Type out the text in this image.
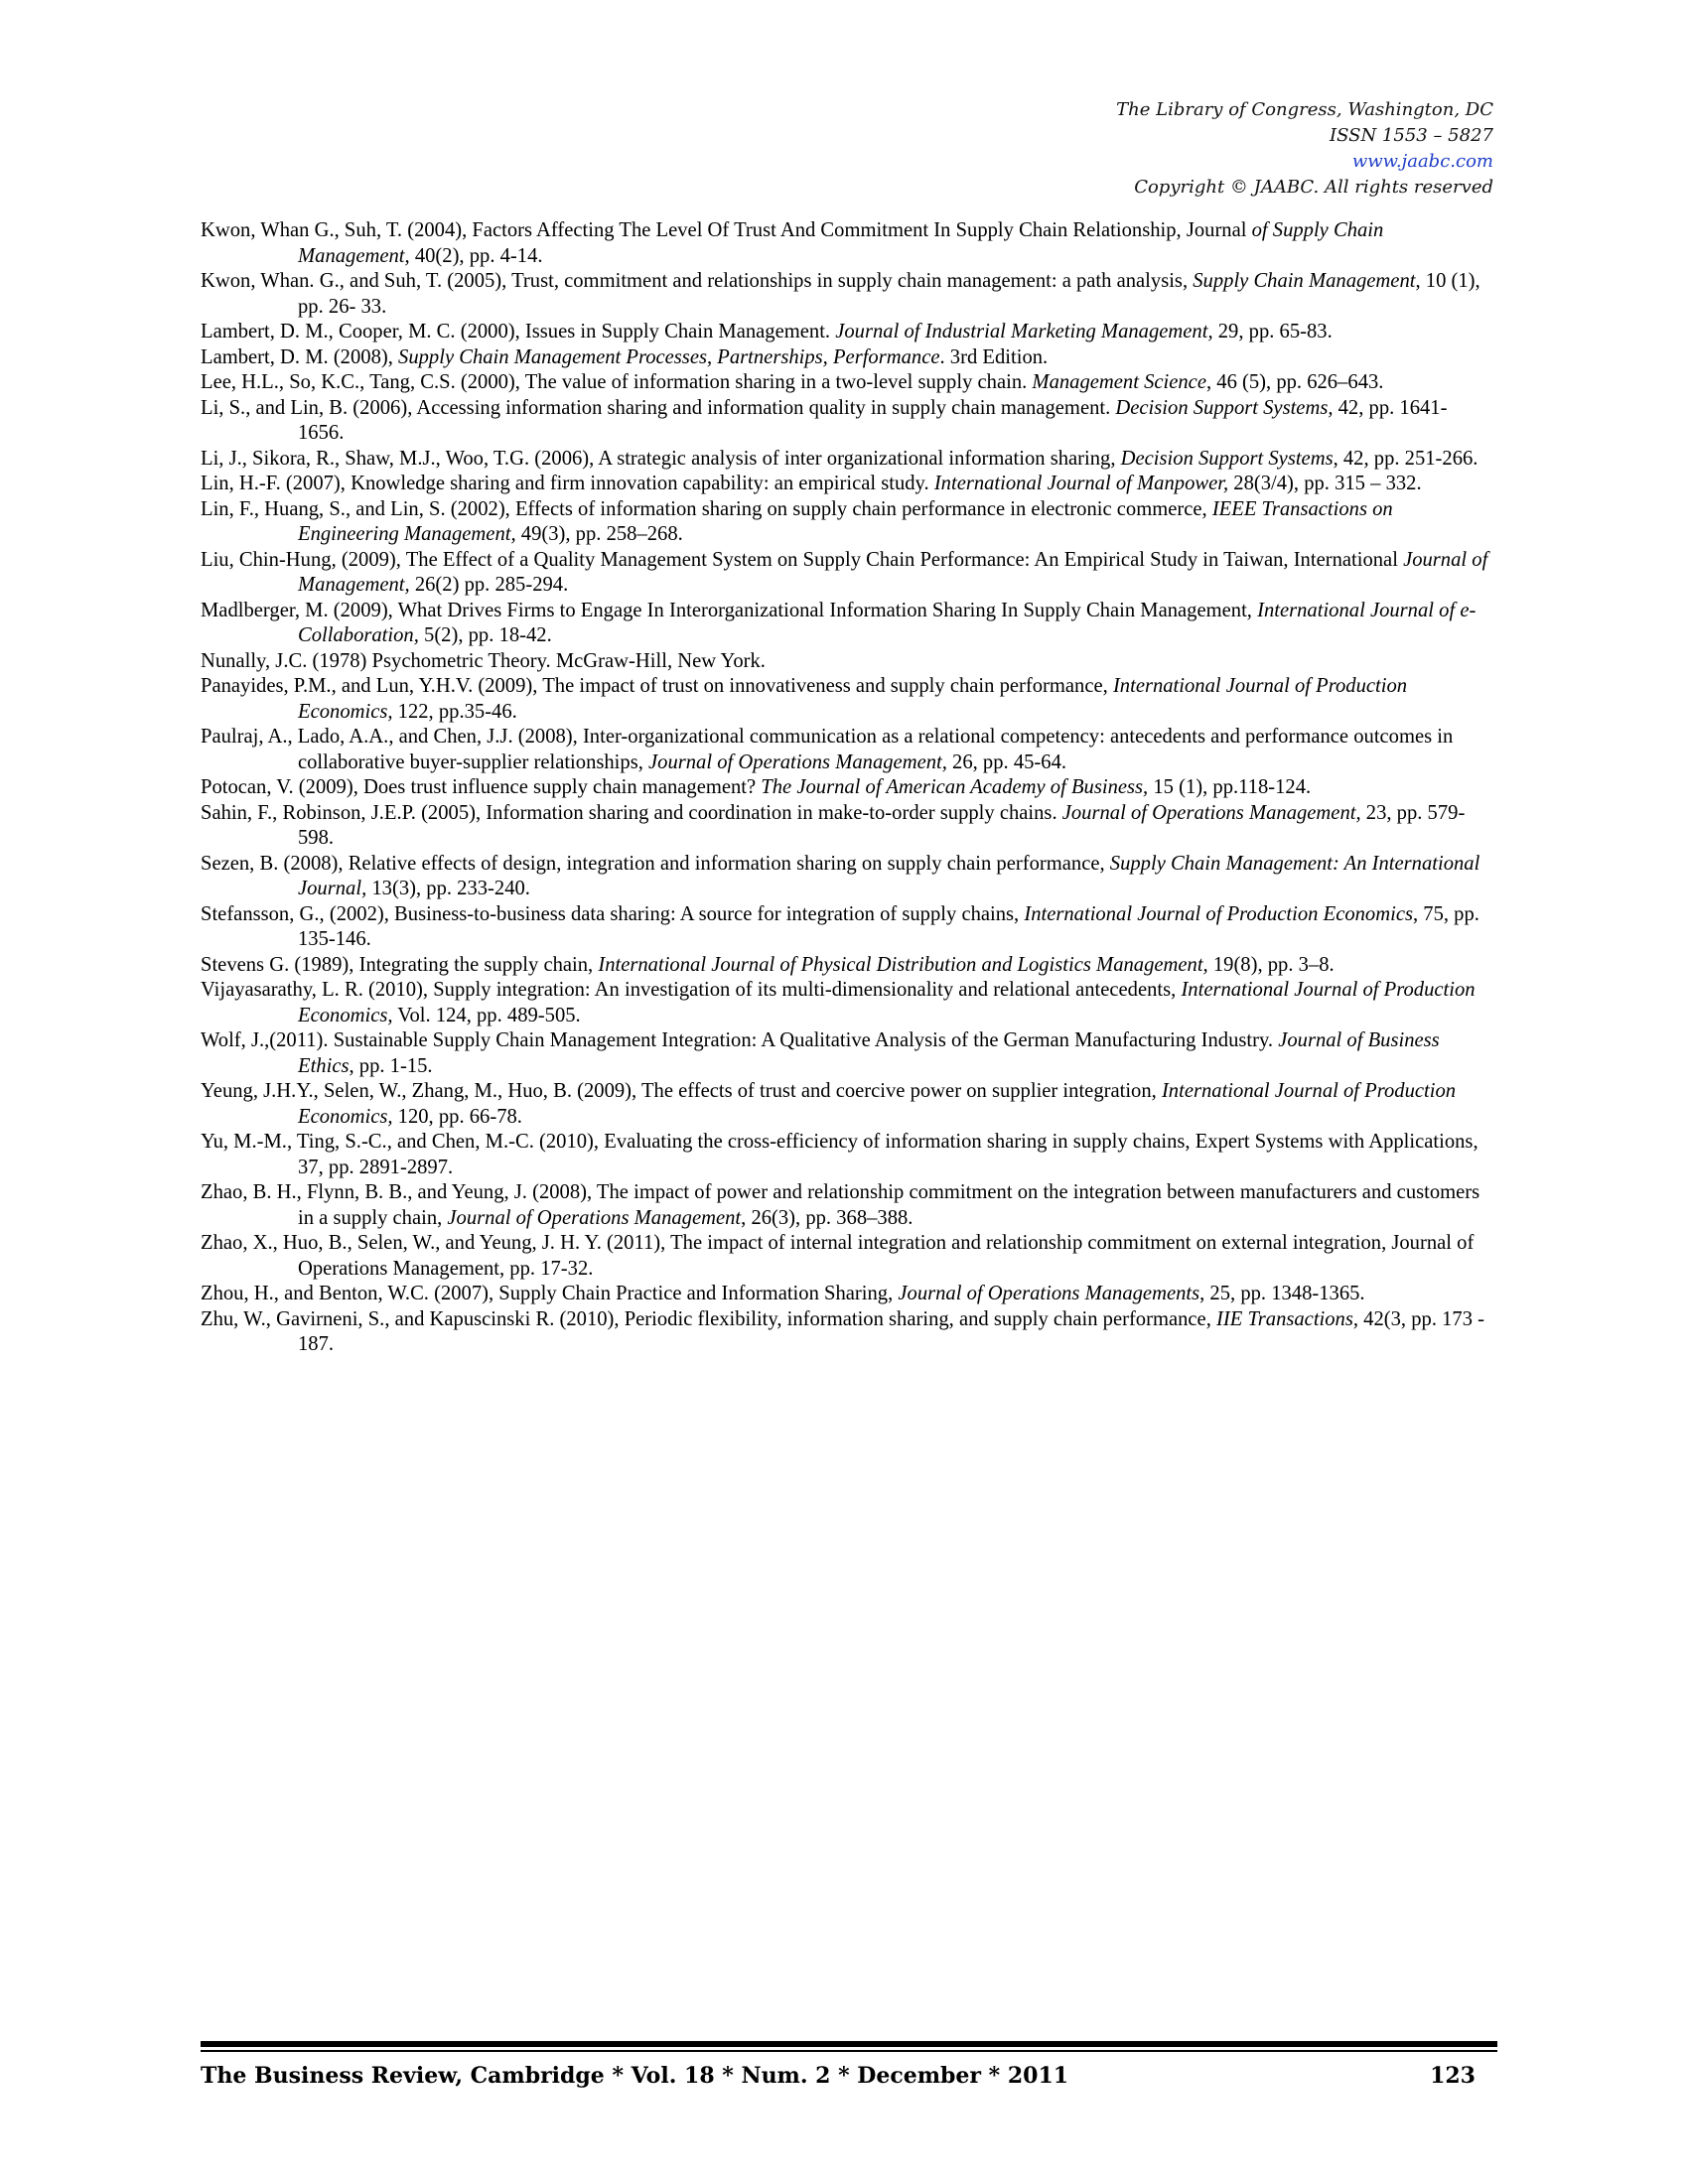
The Library of Congress, Washington, DC
ISSN 1553 – 5827
www.jaabc.com
Copyright © JAABC. All rights reserved

Kwon, Whan G., Suh, T. (2004), Factors Affecting The Level Of Trust And Commitment In Supply Chain Relationship, Journal of Supply Chain Management, 40(2), pp. 4-14.

Kwon, Whan. G., and Suh, T. (2005), Trust, commitment and relationships in supply chain management: a path analysis, Supply Chain Management, 10 (1), pp. 26- 33.

Lambert, D. M., Cooper, M. C. (2000), Issues in Supply Chain Management. Journal of Industrial Marketing Management, 29, pp. 65-83.

Lambert, D. M. (2008), Supply Chain Management Processes, Partnerships, Performance. 3rd Edition.

Lee, H.L., So, K.C., Tang, C.S. (2000), The value of information sharing in a two-level supply chain. Management Science, 46 (5), pp. 626–643.

Li, S., and Lin, B. (2006), Accessing information sharing and information quality in supply chain management. Decision Support Systems, 42, pp. 1641-1656.

Li, J., Sikora, R., Shaw, M.J., Woo, T.G. (2006), A strategic analysis of inter organizational information sharing, Decision Support Systems, 42, pp. 251-266.

Lin, H.-F. (2007), Knowledge sharing and firm innovation capability: an empirical study. International Journal of Manpower, 28(3/4), pp. 315 – 332.

Lin, F., Huang, S., and Lin, S. (2002), Effects of information sharing on supply chain performance in electronic commerce, IEEE Transactions on Engineering Management, 49(3), pp. 258–268.

Liu, Chin-Hung, (2009), The Effect of a Quality Management System on Supply Chain Performance: An Empirical Study in Taiwan, International Journal of Management, 26(2) pp. 285-294.

Madlberger, M. (2009), What Drives Firms to Engage In Interorganizational Information Sharing In Supply Chain Management, International Journal of e-Collaboration, 5(2), pp. 18-42.

Nunally, J.C. (1978) Psychometric Theory. McGraw-Hill, New York.

Panayides, P.M., and Lun, Y.H.V. (2009), The impact of trust on innovativeness and supply chain performance, International Journal of Production Economics, 122, pp.35-46.

Paulraj, A., Lado, A.A., and Chen, J.J. (2008), Inter-organizational communication as a relational competency: antecedents and performance outcomes in collaborative buyer-supplier relationships, Journal of Operations Management, 26, pp. 45-64.

Potocan, V. (2009), Does trust influence supply chain management? The Journal of American Academy of Business, 15 (1), pp.118-124.

Sahin, F., Robinson, J.E.P. (2005), Information sharing and coordination in make-to-order supply chains. Journal of Operations Management, 23, pp. 579-598.

Sezen, B. (2008), Relative effects of design, integration and information sharing on supply chain performance, Supply Chain Management: An International Journal, 13(3), pp. 233-240.

Stefansson, G., (2002), Business-to-business data sharing: A source for integration of supply chains, International Journal of Production Economics, 75, pp. 135-146.

Stevens G. (1989), Integrating the supply chain, International Journal of Physical Distribution and Logistics Management, 19(8), pp. 3–8.

Vijayasarathy, L. R. (2010), Supply integration: An investigation of its multi-dimensionality and relational antecedents, International Journal of Production Economics, Vol. 124, pp. 489-505.

Wolf, J.,(2011). Sustainable Supply Chain Management Integration: A Qualitative Analysis of the German Manufacturing Industry. Journal of Business Ethics, pp. 1-15.

Yeung, J.H.Y., Selen, W., Zhang, M., Huo, B. (2009), The effects of trust and coercive power on supplier integration, International Journal of Production Economics, 120, pp. 66-78.

Yu, M.-M., Ting, S.-C., and Chen, M.-C. (2010), Evaluating the cross-efficiency of information sharing in supply chains, Expert Systems with Applications, 37, pp. 2891-2897.

Zhao, B. H., Flynn, B. B., and Yeung, J. (2008), The impact of power and relationship commitment on the integration between manufacturers and customers in a supply chain, Journal of Operations Management, 26(3), pp. 368–388.

Zhao, X., Huo, B., Selen, W., and Yeung, J. H. Y. (2011), The impact of internal integration and relationship commitment on external integration, Journal of Operations Management, pp. 17-32.

Zhou, H., and Benton, W.C. (2007), Supply Chain Practice and Information Sharing, Journal of Operations Managements, 25, pp. 1348-1365.

Zhu, W., Gavirneni, S., and Kapuscinski R. (2010), Periodic flexibility, information sharing, and supply chain performance, IIE Transactions, 42(3, pp. 173 - 187.

The Business Review, Cambridge * Vol. 18 * Num. 2 * December * 2011	123
